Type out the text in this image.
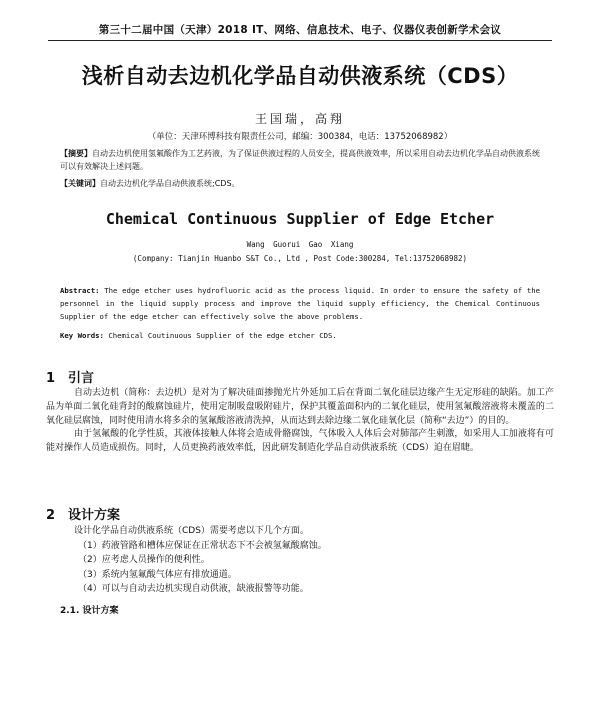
第三十二届中国（天津）2018 IT、网络、信息技术、电子、仪器仪表创新学术会议
浅析自动去边机化学品自动供液系统（CDS）
王国瑞，高翔
（单位：天津环博科技有限责任公司，邮编：300384，电话：13752068982）
【摘要】自动去边机使用氢氟酸作为工艺药液，为了保证供液过程的人员安全，提高供液效率，所以采用自动去边机化学品自动供液系统可以有效解决上述问题。
【关键词】自动去边机化学品自动供液系统;CDS。
Chemical Continuous Supplier of Edge Etcher
Wang Guorui Gao Xiang
(Company: Tianjin Huanbo S&T Co., Ltd , Post Code:300284, Tel:13752068982)
Abstract: The edge etcher uses hydrofluoric acid as the process liquid. In order to ensure the safety of the personnel in the liquid supply process and improve the liquid supply efficiency, the Chemical Continuous Supplier of the edge etcher can effectively solve the above problems.
Key Words: Chemical Coutinuous Supplier of the edge etcher CDS.
1 引言

自动去边机（简称：去边机）是对为了解决硅面掺抛光片外延加工后在背面二氧化硅层边缘产生无定形硅的缺陷。加工产品为单面二氧化硅背封的酸腐蚀硅片，使用定制吸盘吸附硅片，保护其覆盖面积内的二氧化硅层，使用氢氟酸溶液将未覆盖的二氧化硅层腐蚀，同时使用清水将多余的氢氟酸溶液清洗掉，从而达到去除边缘二氧化硅氧化层（简称“去边”）的目的。

由于氢氟酸的化学性质，其液体接触人体将会造成骨骼腐蚀，气体吸入人体后会对肺部产生刺激，如采用人工加液将有可能对操作人员造成损伤。同时，人员更换药液效率低，因此研发制造化学品自动供液系统（CDS）迫在眉睫。

2 设计方案
设计化学品自动供液系统（CDS）需要考虑以下几个方面。
（1）药液管路和槽体应保证在正常状态下不会被氢氟酸腐蚀。
（2）应考虑人员操作的便利性。
（3）系统内氢氟酸气体应有排放通道。
（4）可以与自动去边机实现自动供液，缺液报警等功能。
2.1. 设计方案
